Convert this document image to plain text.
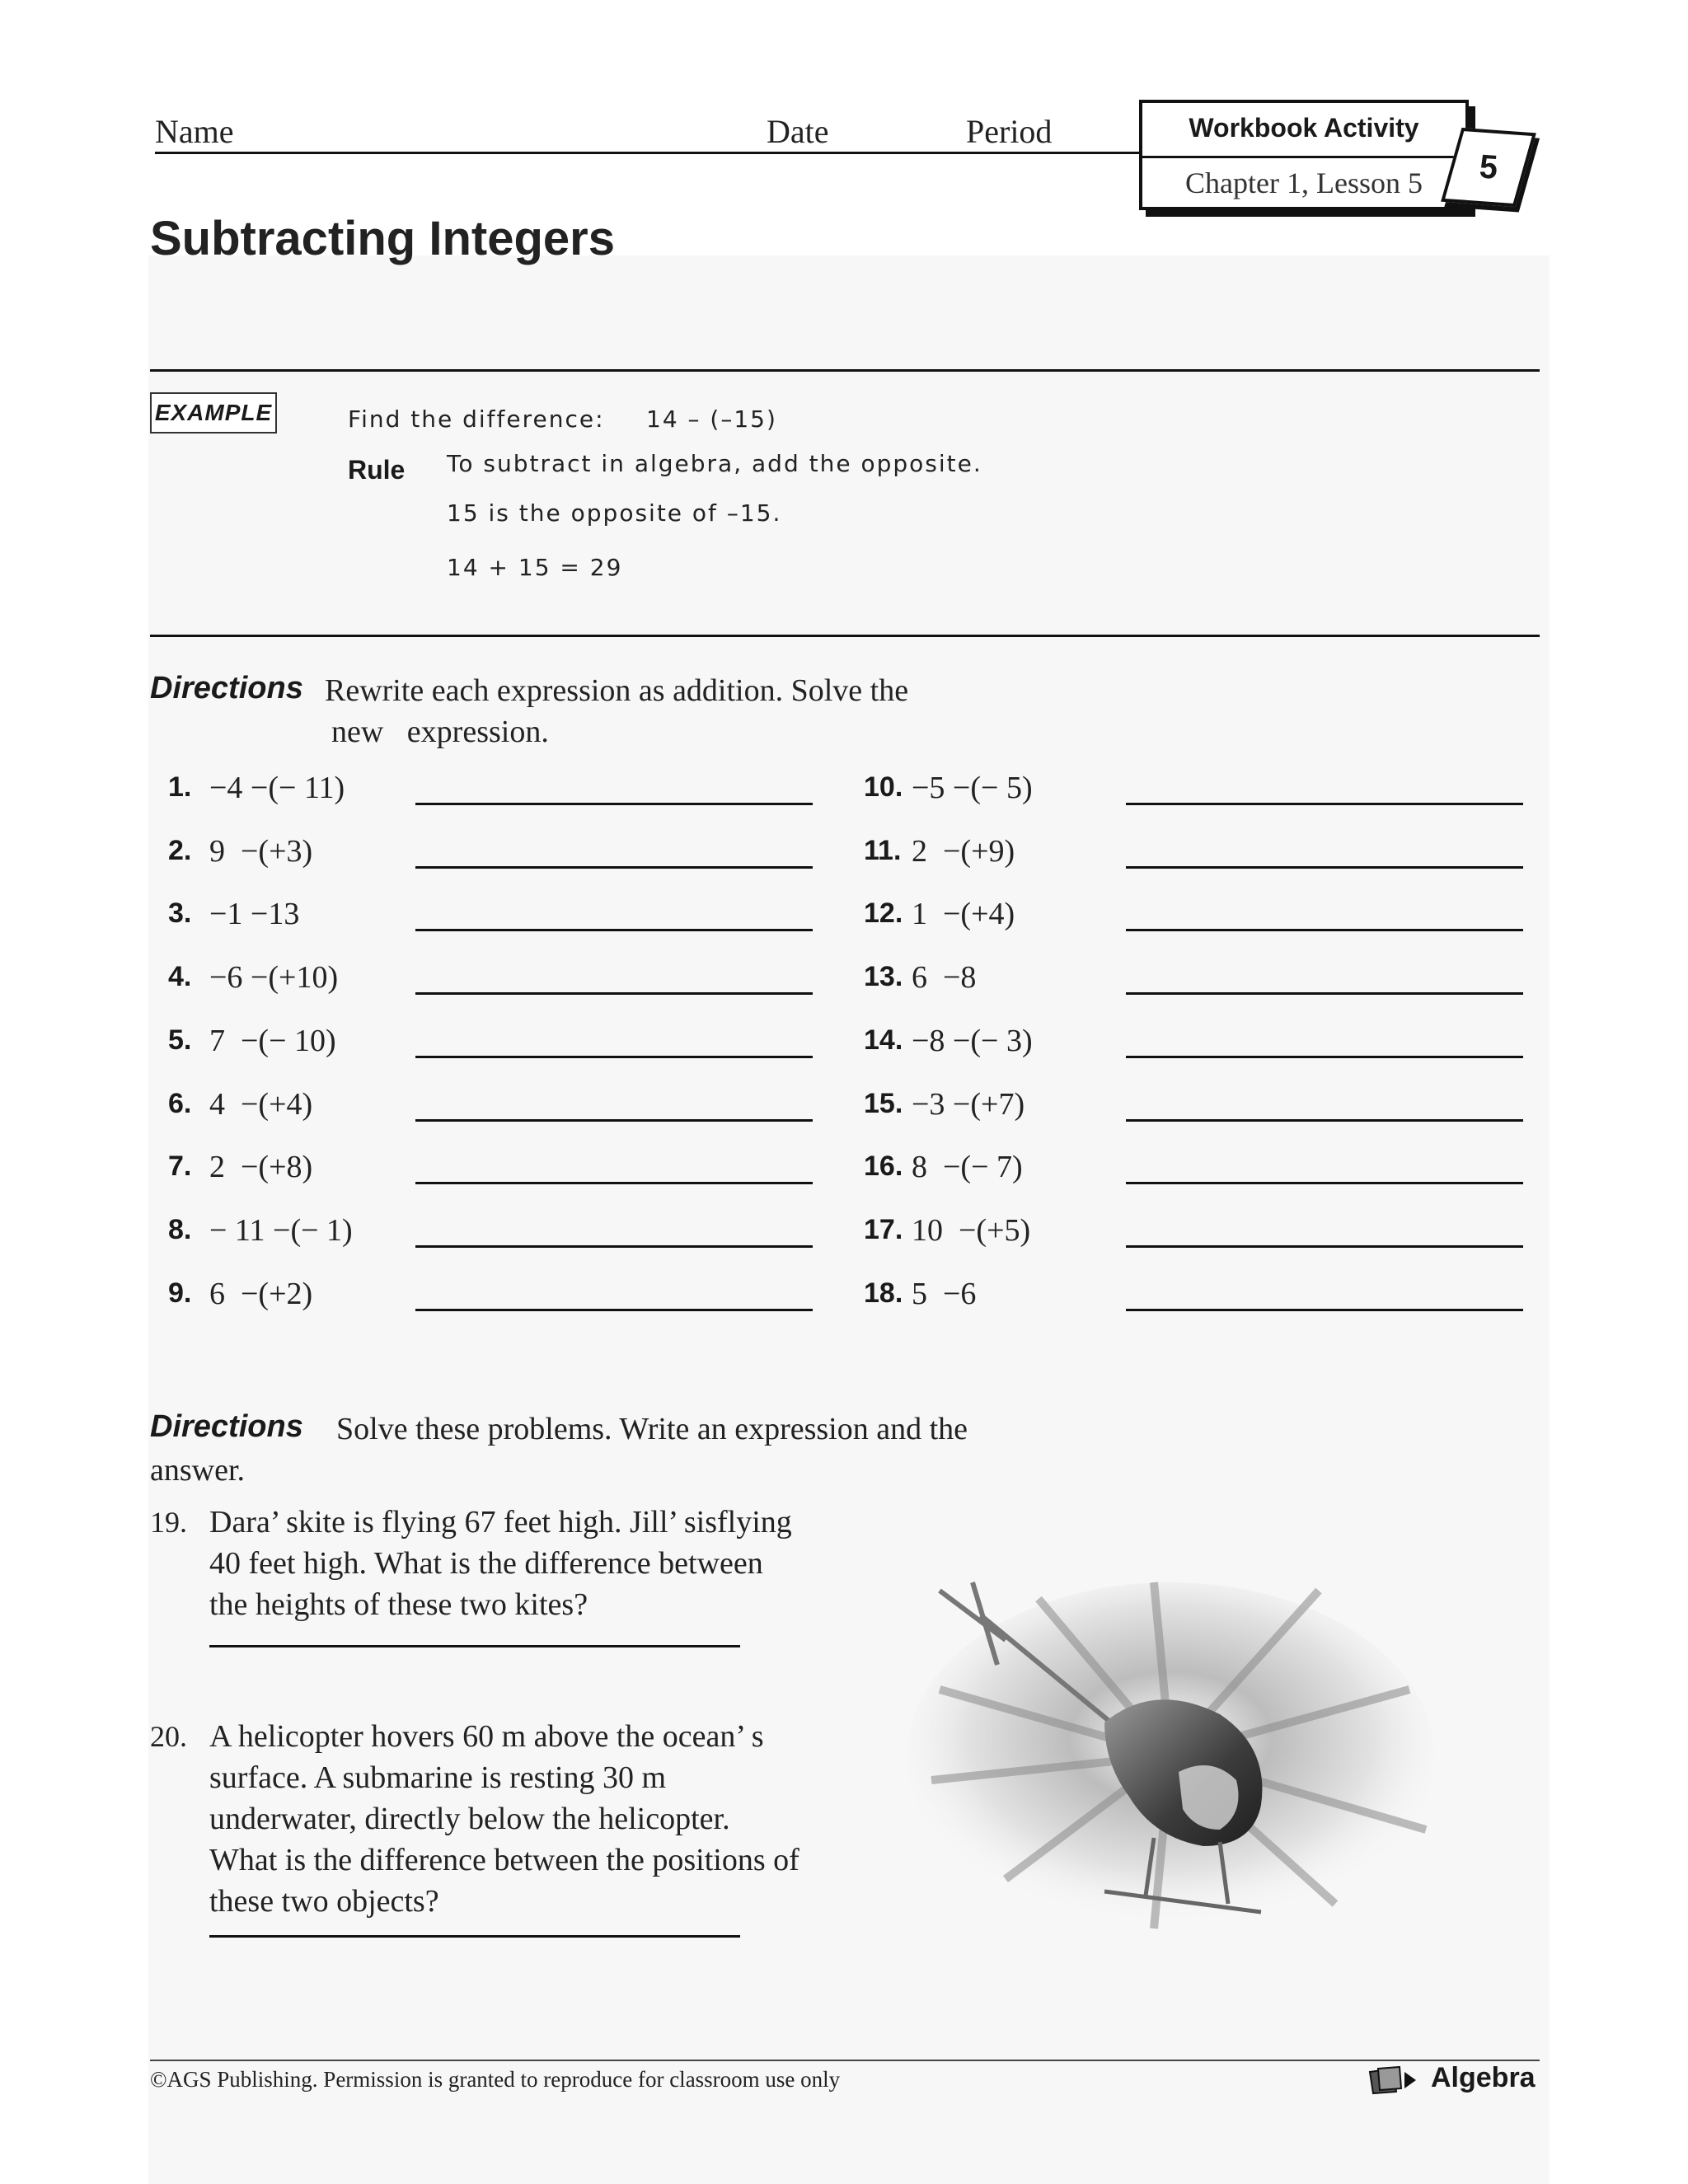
Name	Date	Period	Workbook Activity
Chapter 1, Lesson 5	5
Subtracting Integers
EXAMPLE	Find the difference: 14 – (–15)
Rule To subtract in algebra, add the opposite.
15 is the opposite of –15.
14 + 15 = 29
Directions Rewrite each expression as addition. Solve the
new   expression.
1. −4 −(− 11)
2. 9  −(+3)
3. −1 −13
4. −6 −(+10)
5. 7  −(− 10)
6. 4  −(+4)
7. 2  −(+8)
8. − 11 −(− 1)
9. 6  −(+2)
10. −5 −(− 5)
11. 2  −(+9)
12. 1  −(+4)
13. 6  −8
14. −8 −(− 3)
15. −3 −(+7)
16. 8  −(− 7)
17. 10  −(+5)
18. 5  −6
Directions Solve these problems. Write an expression and the
answer.
19. Dara’ skite is flying 67 feet high. Jill’ sisflying
40 feet high. What is the difference between
the heights of these two kites?
20. A helicopter hovers 60 m above the ocean’ s
surface. A submarine is resting 30 m
underwater, directly below the helicopter.
What is the difference between the positions of
these two objects?
©AGS Publishing. Permission is granted to reproduce for classroom use only	Algebra
